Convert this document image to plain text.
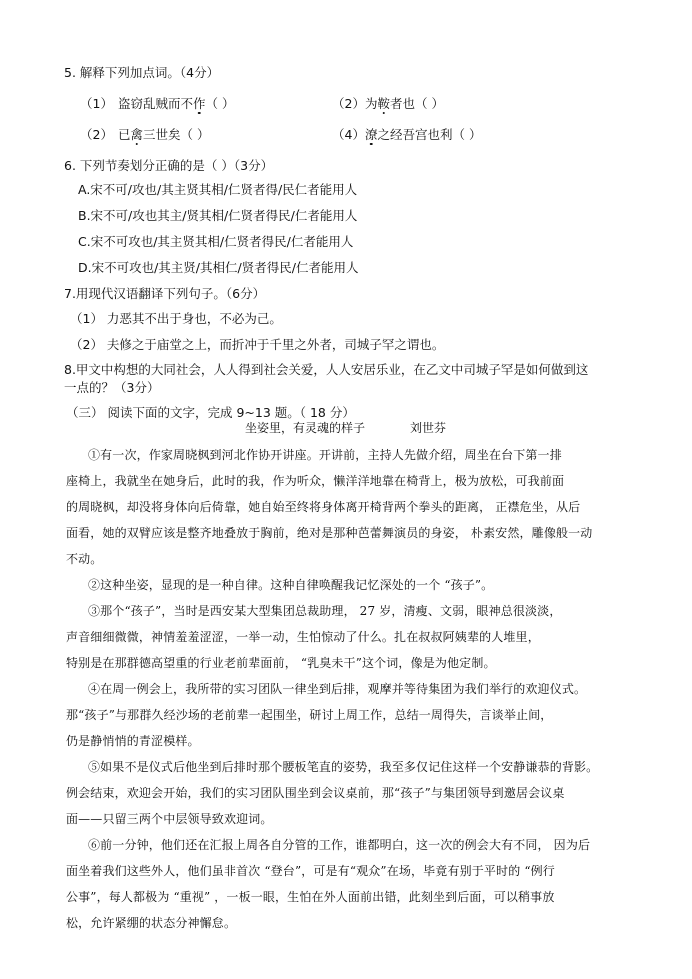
5. 解释下列加点词。（4分）
（1） 盗窃乱贼而不作（ ）	（2）为鞍者也（ ）
（2） 已禽三世矣（ ）	（4）潦之经吾宫也利（ ）
6. 下列节奏划分正确的是（ ）（3分）
A.宋不可/攻也/其主贤其相/仁贤者得/民仁者能用人
B.宋不可/攻也其主/贤其相/仁贤者得民/仁者能用人
C.宋不可攻也/其主贤其相/仁贤者得民/仁者能用人
D.宋不可攻也/其主贤/其相仁/贤者得民/仁者能用人
7.用现代汉语翻译下列句子。（6分）
（1） 力恶其不出于身也，不必为己。
（2） 夫修之于庙堂之上，而折冲于千里之外者，司城子罕之谓也。
8.甲文中构想的大同社会，人人得到社会关爱，人人安居乐业，在乙文中司城子罕是如何做到这
一点的？（3分）
（三） 阅读下面的文字，完成 9~13 题。（ 18 分）
坐姿里，有灵魂的样子	刘世芬
①有一次，作家周晓枫到河北作协开讲座。开讲前，主持人先做介绍，周坐在台下第一排
座椅上，我就坐在她身后，此时的我，作为听众，懒洋洋地靠在椅背上，极为放松，可我前面
的周晓枫，却没将身体向后倚靠，她自始至终将身体离开椅背两个拳头的距离， 正襟危坐，从后
面看，她的双臂应该是整齐地叠放于胸前，绝对是那种芭蕾舞演员的身姿， 朴素安然，雕像般一动
不动。
②这种坐姿，显现的是一种自律。这种自律唤醒我记忆深处的一个 “孩子”。
③那个“孩子”，当时是西安某大型集团总裁助理， 27 岁，清瘦、文弱，眼神总很淡淡，
声音细细微微，神情羞羞涩涩，一举一动，生怕惊动了什么。扎在叔叔阿姨辈的人堆里，
特别是在那群德高望重的行业老前辈面前， “乳臭未干”这个词，像是为他定制。
④在周一例会上，我所带的实习团队一律坐到后排，观摩并等待集团为我们举行的欢迎仪式。
那“孩子”与那群久经沙场的老前辈一起围坐，研讨上周工作，总结一周得失，言谈举止间，
仍是静悄悄的青涩模样。
⑤如果不是仪式后他坐到后排时那个腰板笔直的姿势，我至多仅记住这样一个安静谦恭的背影。
例会结束，欢迎会开始，我们的实习团队围坐到会议桌前，那“孩子”与集团领导到邀居会议桌
面——只留三两个中层领导致欢迎词。
⑥前一分钟，他们还在汇报上周各自分管的工作，谁都明白，这一次的例会大有不同， 因为后
面坐着我们这些外人，他们虽非首次 “登台”，可是有“观众”在场，毕竟有别于平时的 “例行
公事”，每人都极为 “重视” ，一板一眼，生怕在外人面前出错，此刻坐到后面，可以稍事放
松，允许紧绷的状态分神懈怠。
